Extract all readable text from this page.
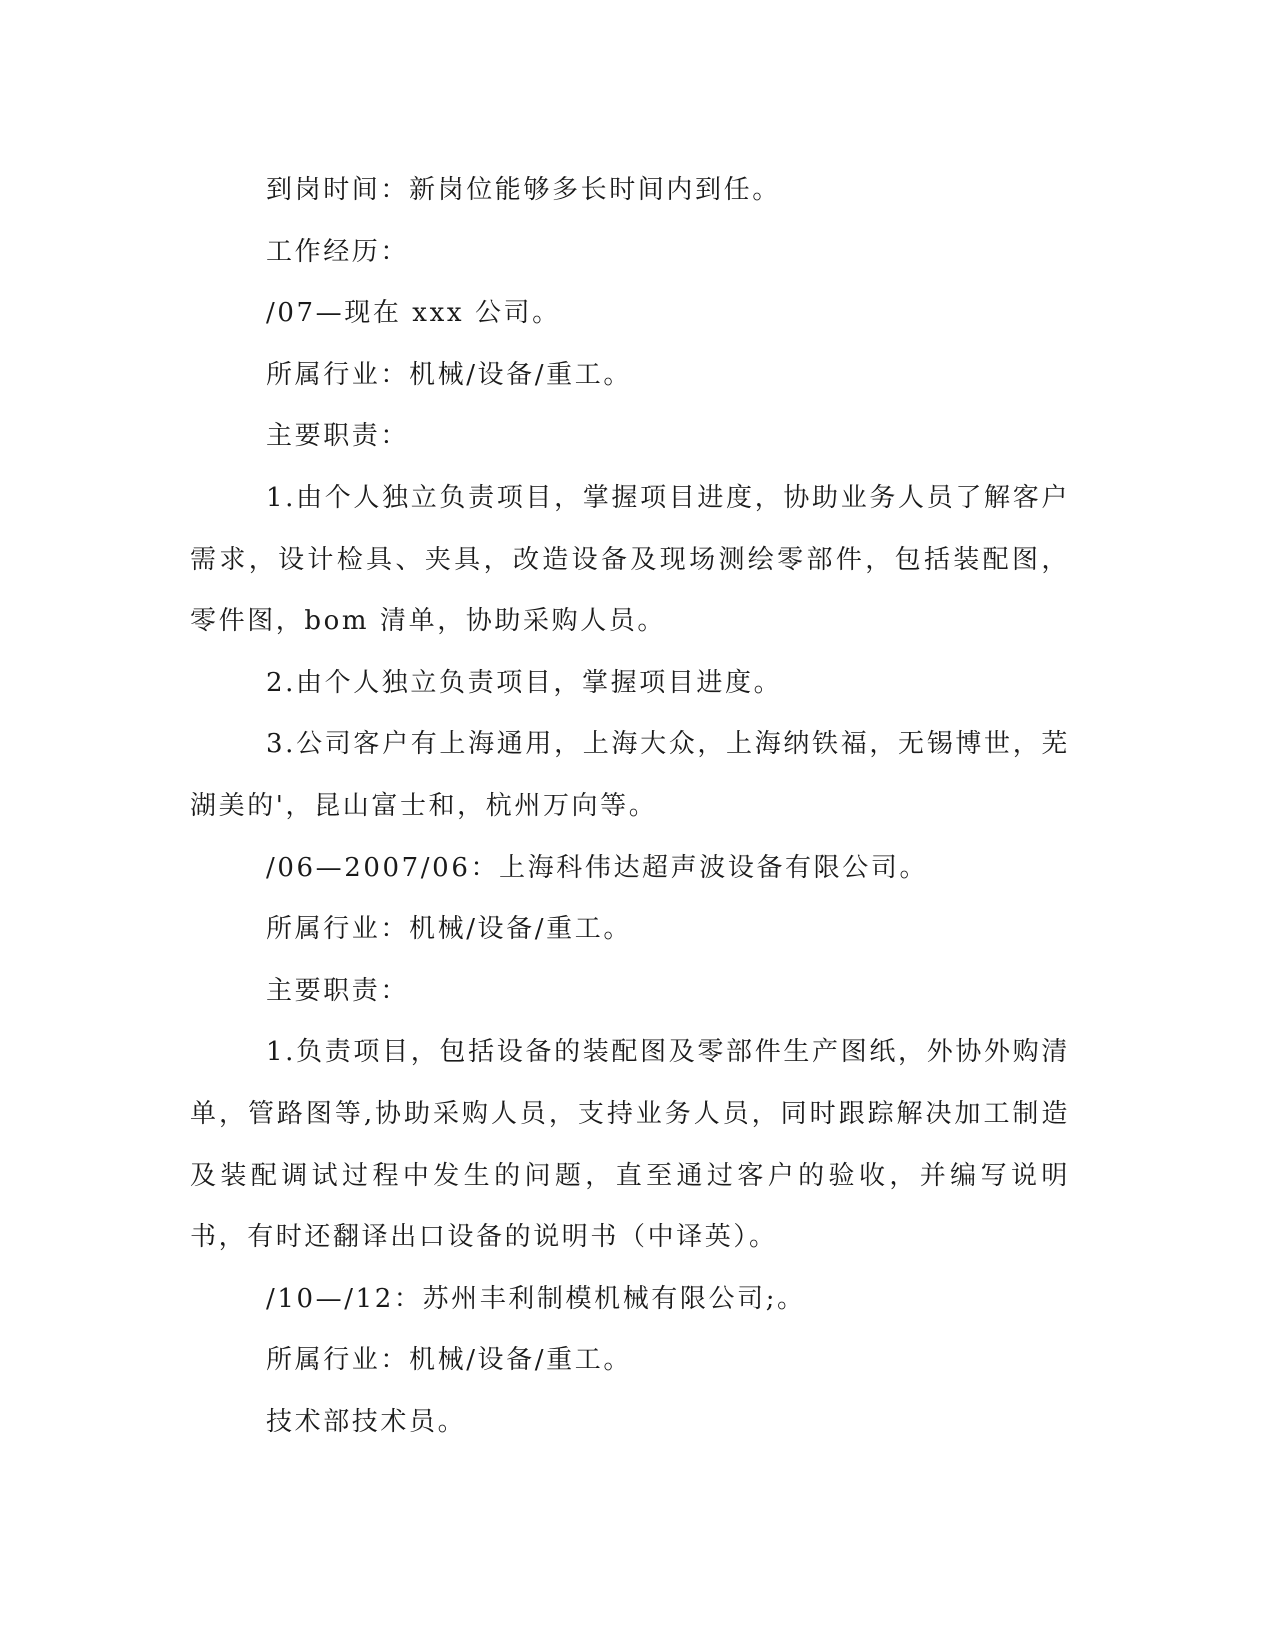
到岗时间：新岗位能够多长时间内到任。

工作经历：

/07—现在 xxx 公司。

所属行业：机械/设备/重工。

主要职责：

1.由个人独立负责项目，掌握项目进度，协助业务人员了解客户需求，设计检具、夹具，改造设备及现场测绘零部件，包括装配图，零件图，bom 清单，协助采购人员。

2.由个人独立负责项目，掌握项目进度。

3.公司客户有上海通用，上海大众，上海纳铁福，无锡博世，芜湖美的'，昆山富士和，杭州万向等。

/06—2007/06：上海科伟达超声波设备有限公司。

所属行业：机械/设备/重工。

主要职责：

1.负责项目，包括设备的装配图及零部件生产图纸，外协外购清单，管路图等,协助采购人员，支持业务人员，同时跟踪解决加工制造及装配调试过程中发生的问题，直至通过客户的验收，并编写说明书，有时还翻译出口设备的说明书（中译英）。

/10—/12：苏州丰利制模机械有限公司;。

所属行业：机械/设备/重工。

技术部技术员。
